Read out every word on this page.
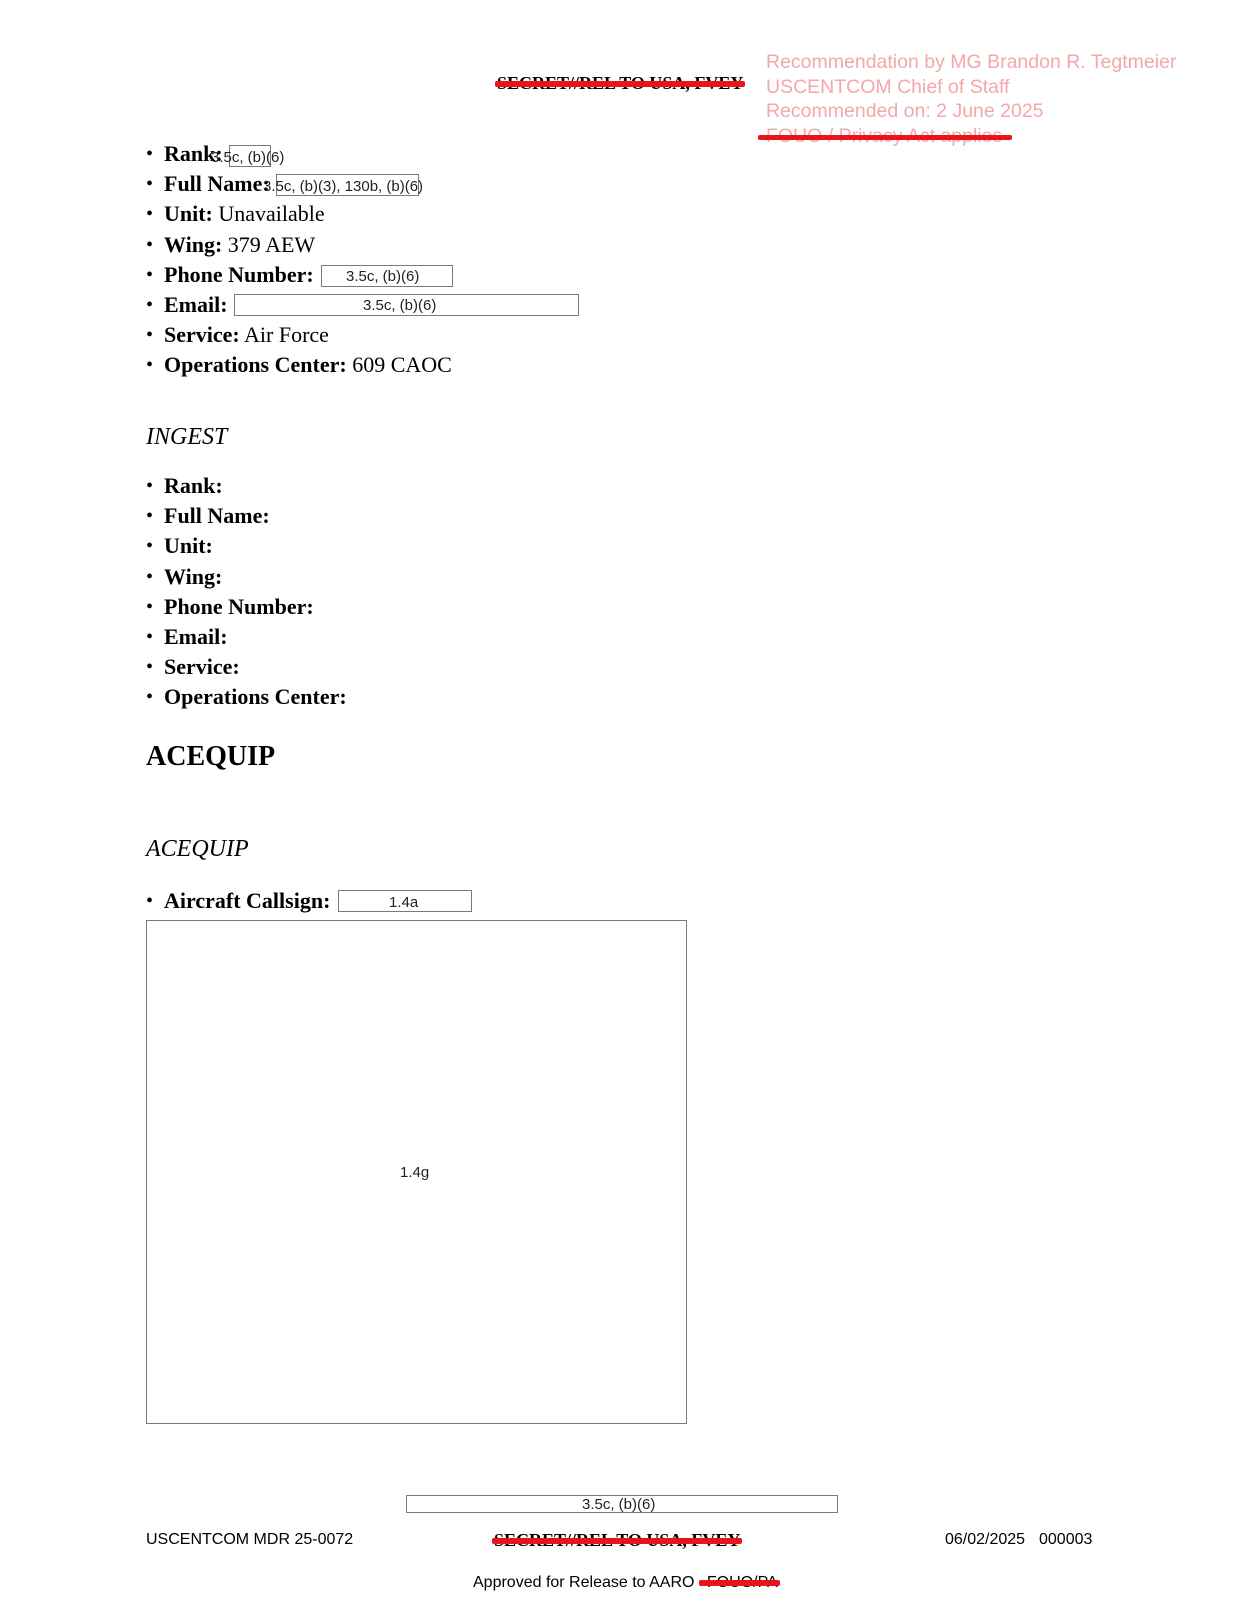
Recommendation by MG Brandon R. Tegtmeier
USCENTCOM Chief of Staff
Recommended on: 2 June 2025
• Rank:
• Full Name:
• Unit: Unavailable
• Wing: 379 AEW
• Phone Number:
• Email:
• Service: Air Force
• Operations Center: 609 CAOC
3.5c, (b)(6)
3.5c, (b)(3), 130b, (b)(6)
3.5c, (b)(6)
3.5c, (b)(6)
INGEST
• Rank:
• Full Name:
• Unit:
• Wing:
• Phone Number:
• Email:
• Service:
• Operations Center:
ACEQUIP
ACEQUIP
• Aircraft Callsign:	1.4a
1.4g
3.5c, (b)(6)
USCENTCOM MDR 25-0072	06/02/2025 000003
Approved for Release to AARO
